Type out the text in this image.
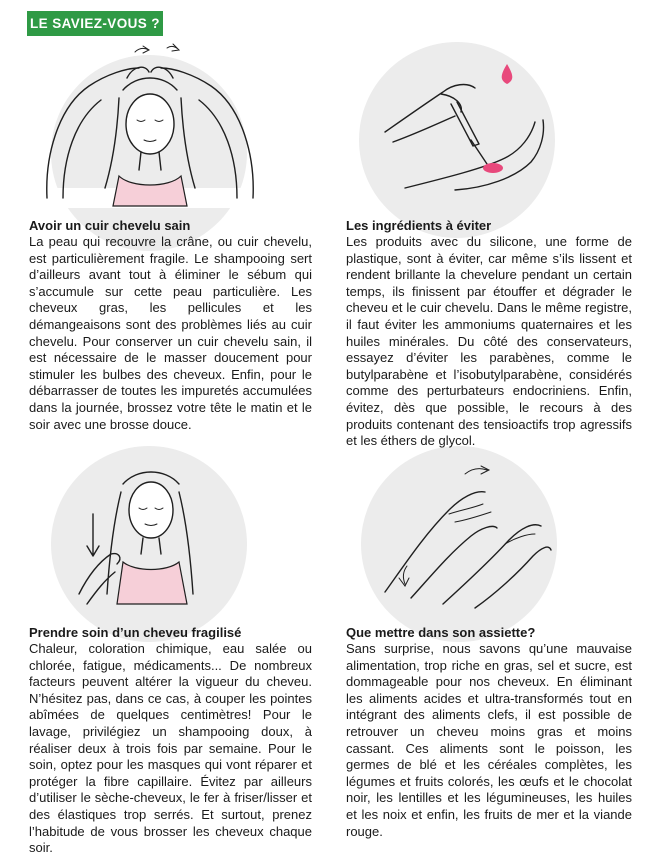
LE SAVIEZ-VOUS ?
Avoir un cuir chevelu sain

La peau qui recouvre la crâne, ou cuir chevelu, est particulièrement fragile. Le shampooing sert d’ailleurs avant tout à éliminer le sébum qui s’accumule sur cette peau particulière. Les cheveux gras, les pellicules et les démangeaisons sont des problèmes liés au cuir chevelu. Pour conserver un cuir chevelu sain, il est nécessaire de le masser doucement pour stimuler les bulbes des cheveux. Enfin, pour le débarrasser de toutes les impuretés accumulées dans la journée, brossez votre tête le matin et le soir avec une brosse douce.

Les ingrédients à éviter

Les produits avec du silicone, une forme de plastique, sont à éviter, car même s’ils lissent et rendent brillante la chevelure pendant un certain temps, ils finissent par étouffer et dégrader le cheveu et le cuir chevelu. Dans le même registre, il faut éviter les ammoniums quaternaires et les huiles minérales. Du côté des conservateurs, essayez d’éviter les parabènes, comme le butylparabène et l’isobutylparabène, considérés comme des perturbateurs endocriniens. Enfin, évitez, dès que possible, le recours à des produits contenant des tensioactifs trop agressifs et les éthers de glycol.

Prendre soin d’un cheveu fragilisé

Chaleur, coloration chimique, eau salée ou chlorée, fatigue, médicaments... De nombreux facteurs peuvent altérer la vigueur du cheveu. N’hésitez pas, dans ce cas, à couper les pointes abîmées de quelques centimètres! Pour le lavage, privilégiez un shampooing doux, à réaliser deux à trois fois par semaine. Pour le soin, optez pour les masques qui vont réparer et protéger la fibre capillaire. Évitez par ailleurs d’utiliser le sèche-cheveux, le fer à friser/lisser et des élastiques trop serrés. Et surtout, prenez l’habitude de vous brosser les cheveux chaque soir.

Que mettre dans son assiette?

Sans surprise, nous savons qu’une mauvaise alimentation, trop riche en gras, sel et sucre, est dommageable pour nos cheveux. En éliminant les aliments acides et ultra-transformés tout en intégrant des aliments clefs, il est possible de retrouver un cheveu moins gras et moins cassant. Ces aliments sont le poisson, les germes de blé et les céréales complètes, les légumes et fruits colorés, les œufs et le chocolat noir, les lentilles et les légumineuses, les huiles et les noix et enfin, les fruits de mer et la viande rouge.
